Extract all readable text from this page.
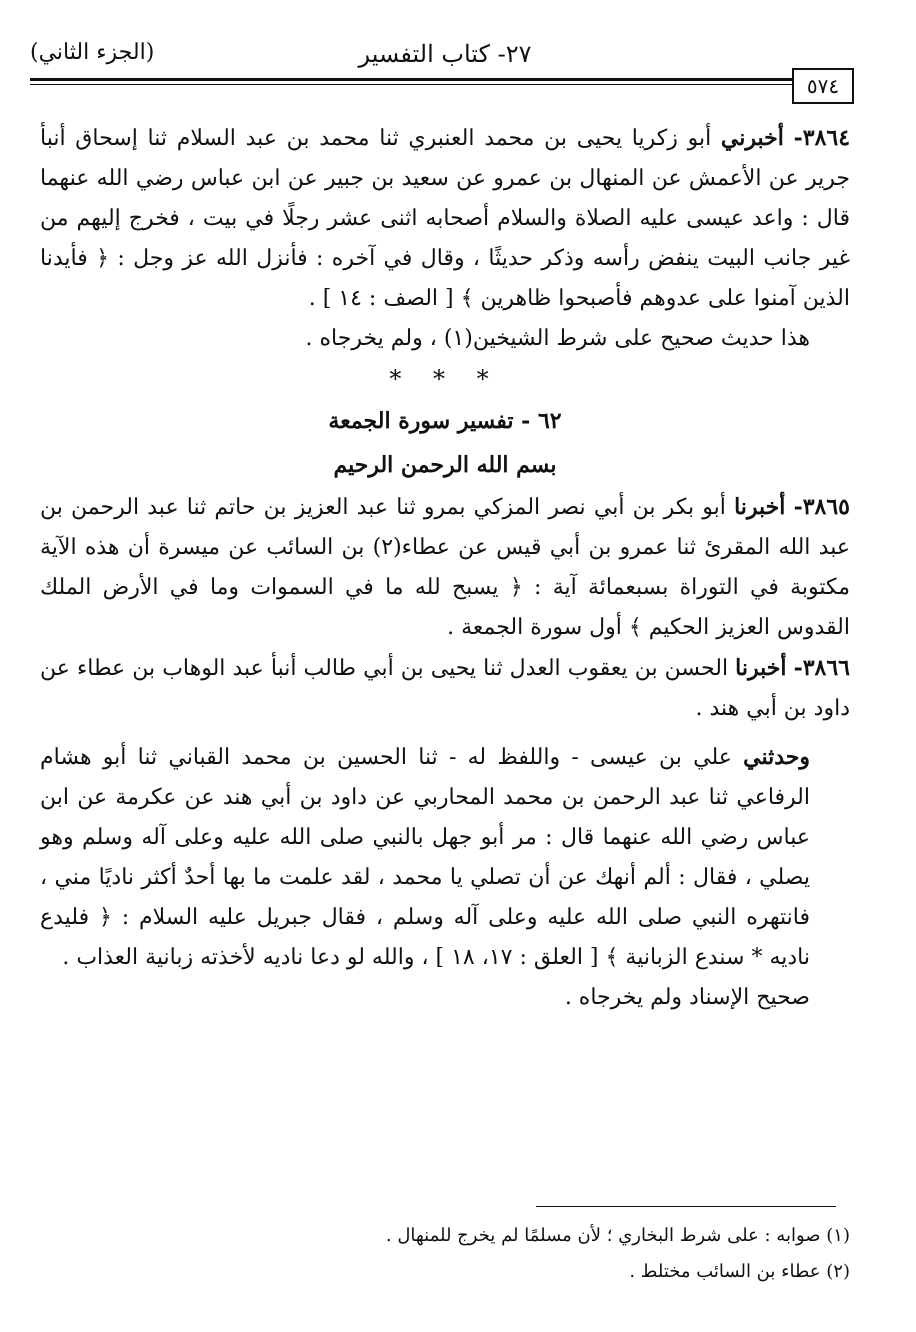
٢٧- كتاب التفسير
(الجزء الثاني)
٥٧٤

٣٨٦٤- أخبرني أبو زكريا يحيى بن محمد العنبري ثنا محمد بن عبد السلام ثنا إسحاق أنبأ جرير عن الأعمش عن المنهال بن عمرو عن سعيد بن جبير عن ابن عباس رضي الله عنهما قال : واعد عيسى عليه الصلاة والسلام أصحابه اثنى عشر رجلًا في بيت ، فخرج إليهم من غير جانب البيت ينفض رأسه وذكر حديثًا ، وقال في آخره : فأنزل الله عز وجل : ﴿ فأيدنا الذين آمنوا على عدوهم فأصبحوا ظاهرين ﴾ [ الصف : ١٤ ] .

هذا حديث صحيح على شرط الشيخين(١) ، ولم يخرجاه .

* * *

٦٢ - تفسير سورة الجمعة

بسم الله الرحمن الرحيم

٣٨٦٥- أخبرنا أبو بكر بن أبي نصر المزكي بمرو ثنا عبد العزيز بن حاتم ثنا عبد الرحمن بن عبد الله المقرئ ثنا عمرو بن أبي قيس عن عطاء(٢) بن السائب عن ميسرة أن هذه الآية مكتوبة في التوراة بسبعمائة آية : ﴿ يسبح لله ما في السموات وما في الأرض الملك القدوس العزيز الحكيم ﴾ أول سورة الجمعة .

٣٨٦٦- أخبرنا الحسن بن يعقوب العدل ثنا يحيى بن أبي طالب أنبأ عبد الوهاب بن عطاء عن داود بن أبي هند .

وحدثني علي بن عيسى - واللفظ له - ثنا الحسين بن محمد القباني ثنا أبو هشام الرفاعي ثنا عبد الرحمن بن محمد المحاربي عن داود بن أبي هند عن عكرمة عن ابن عباس رضي الله عنهما قال : مر أبو جهل بالنبي صلى الله عليه وعلى آله وسلم وهو يصلي ، فقال : ألم أنهك عن أن تصلي يا محمد ، لقد علمت ما بها أحدٌ أكثر ناديًا مني ، فانتهره النبي صلى الله عليه وعلى آله وسلم ، فقال جبريل عليه السلام : ﴿ فليدع ناديه * سندع الزبانية ﴾ [ العلق : ١٧، ١٨ ] ، والله لو دعا ناديه لأخذته زبانية العذاب .

صحيح الإسناد ولم يخرجاه .

(١) صوابه : على شرط البخاري ؛ لأن مسلمًا لم يخرج للمنهال .

(٢) عطاء بن السائب مختلط .
